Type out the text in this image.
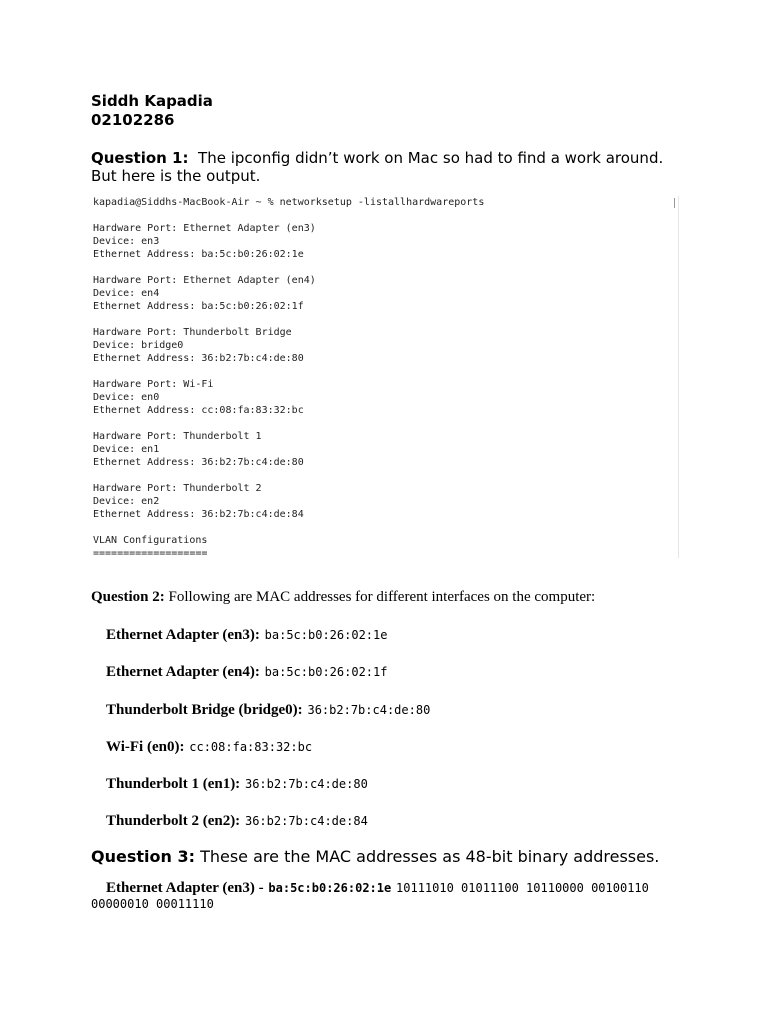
Siddh Kapadia
02102286
Question 1: The ipconfig didn’t work on Mac so had to find a work around. But here is the output.
kapadia@Siddhs-MacBook-Air ~ % networksetup -listallhardwareports

Hardware Port: Ethernet Adapter (en3)
Device: en3
Ethernet Address: ba:5c:b0:26:02:1e

Hardware Port: Ethernet Adapter (en4)
Device: en4
Ethernet Address: ba:5c:b0:26:02:1f

Hardware Port: Thunderbolt Bridge
Device: bridge0
Ethernet Address: 36:b2:7b:c4:de:80

Hardware Port: Wi-Fi
Device: en0
Ethernet Address: cc:08:fa:83:32:bc

Hardware Port: Thunderbolt 1
Device: en1
Ethernet Address: 36:b2:7b:c4:de:80

Hardware Port: Thunderbolt 2
Device: en2
Ethernet Address: 36:b2:7b:c4:de:84

VLAN Configurations
===================
Question 2: Following are MAC addresses for different interfaces on the computer:
Ethernet Adapter (en3): ba:5c:b0:26:02:1e
Ethernet Adapter (en4): ba:5c:b0:26:02:1f
Thunderbolt Bridge (bridge0): 36:b2:7b:c4:de:80
Wi-Fi (en0): cc:08:fa:83:32:bc
Thunderbolt 1 (en1): 36:b2:7b:c4:de:80
Thunderbolt 2 (en2): 36:b2:7b:c4:de:84
Question 3: These are the MAC addresses as 48-bit binary addresses.
Ethernet Adapter (en3) - ba:5c:b0:26:02:1e 10111010 01011100 10110000 00100110 00000010 00011110
